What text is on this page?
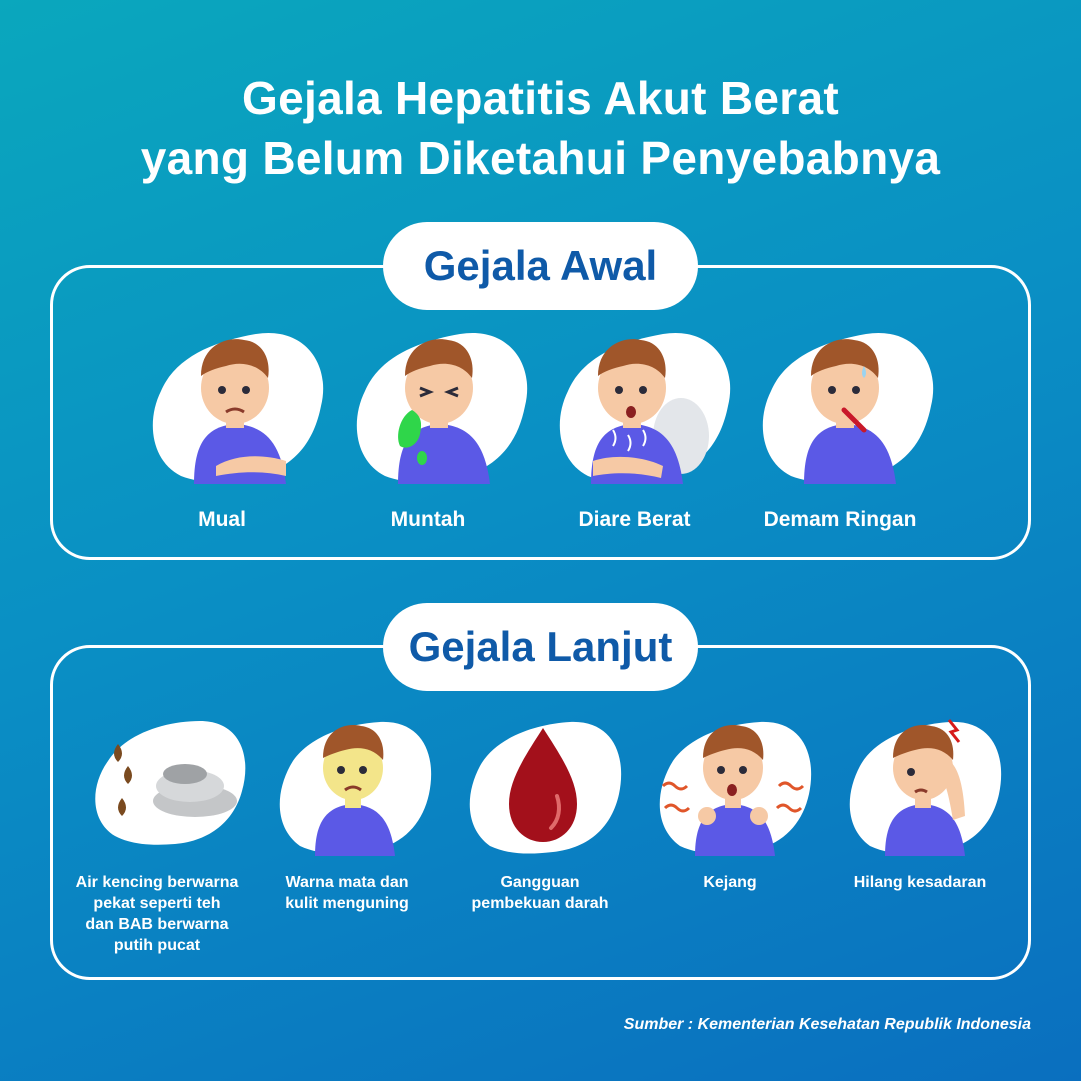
Gejala Hepatitis Akut Berat
yang Belum Diketahui Penyebabnya
Gejala Awal
Mual	Muntah	Diare Berat	Demam Ringan
Gejala Lanjut
Air kencing berwarna
pekat seperti teh
dan BAB berwarna
putih pucat
Warna mata dan
kulit menguning
Gangguan
pembekuan darah
Kejang	Hilang kesadaran
Sumber : Kementerian Kesehatan Republik Indonesia
